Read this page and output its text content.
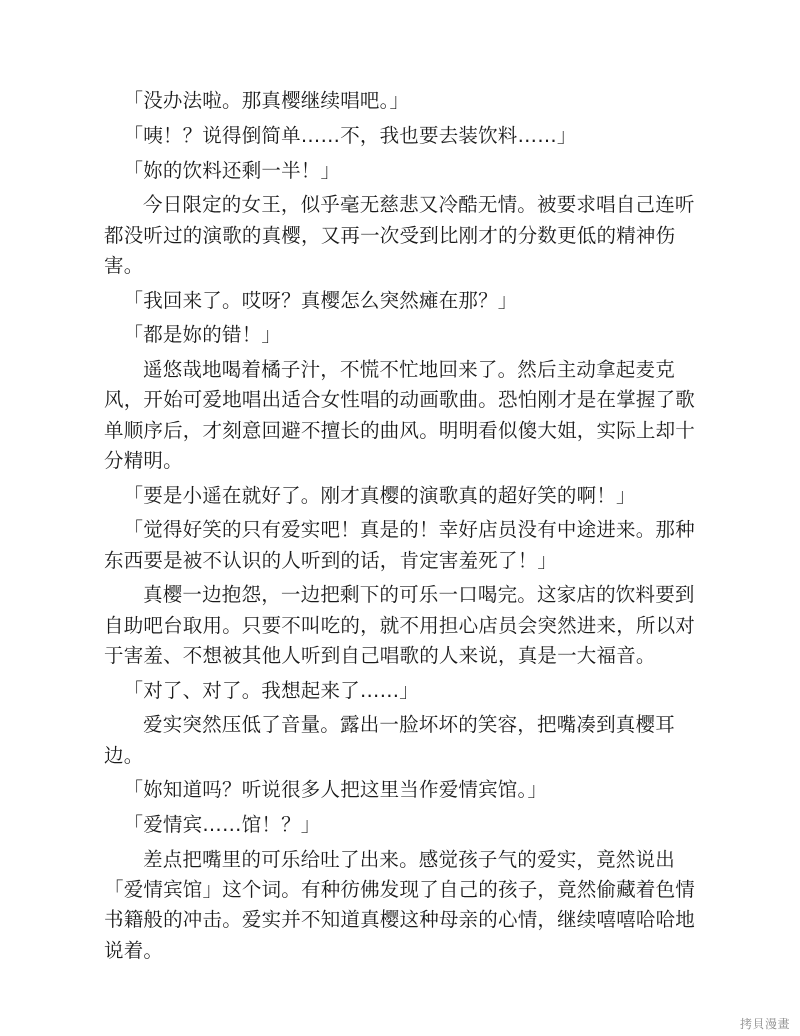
「没办法啦。那真樱继续唱吧。」

「咦！？说得倒简单……不，我也要去装饮料……」

「妳的饮料还剩一半！」

今日限定的女王，似乎毫无慈悲又冷酷无情。被要求唱自己连听都没听过的演歌的真樱，又再一次受到比刚才的分数更低的精神伤害。

「我回来了。哎呀？真樱怎么突然瘫在那？」

「都是妳的错！」

遥悠哉地喝着橘子汁，不慌不忙地回来了。然后主动拿起麦克风，开始可爱地唱出适合女性唱的动画歌曲。恐怕刚才是在掌握了歌单顺序后，才刻意回避不擅长的曲风。明明看似傻大姐，实际上却十分精明。

「要是小遥在就好了。刚才真樱的演歌真的超好笑的啊！」

「觉得好笑的只有爱实吧！真是的！幸好店员没有中途进来。那种东西要是被不认识的人听到的话，肯定害羞死了！」

真樱一边抱怨，一边把剩下的可乐一口喝完。这家店的饮料要到自助吧台取用。只要不叫吃的，就不用担心店员会突然进来，所以对于害羞、不想被其他人听到自己唱歌的人来说，真是一大福音。

「对了、对了。我想起来了……」

爱实突然压低了音量。露出一脸坏坏的笑容，把嘴凑到真樱耳边。

「妳知道吗？听说很多人把这里当作爱情宾馆。」

「爱情宾……馆！？」

差点把嘴里的可乐给吐了出来。感觉孩子气的爱实，竟然说出「爱情宾馆」这个词。有种彷佛发现了自己的孩子，竟然偷藏着色情书籍般的冲击。爱实并不知道真樱这种母亲的心情，继续嘻嘻哈哈地说着。

拷貝漫畫
